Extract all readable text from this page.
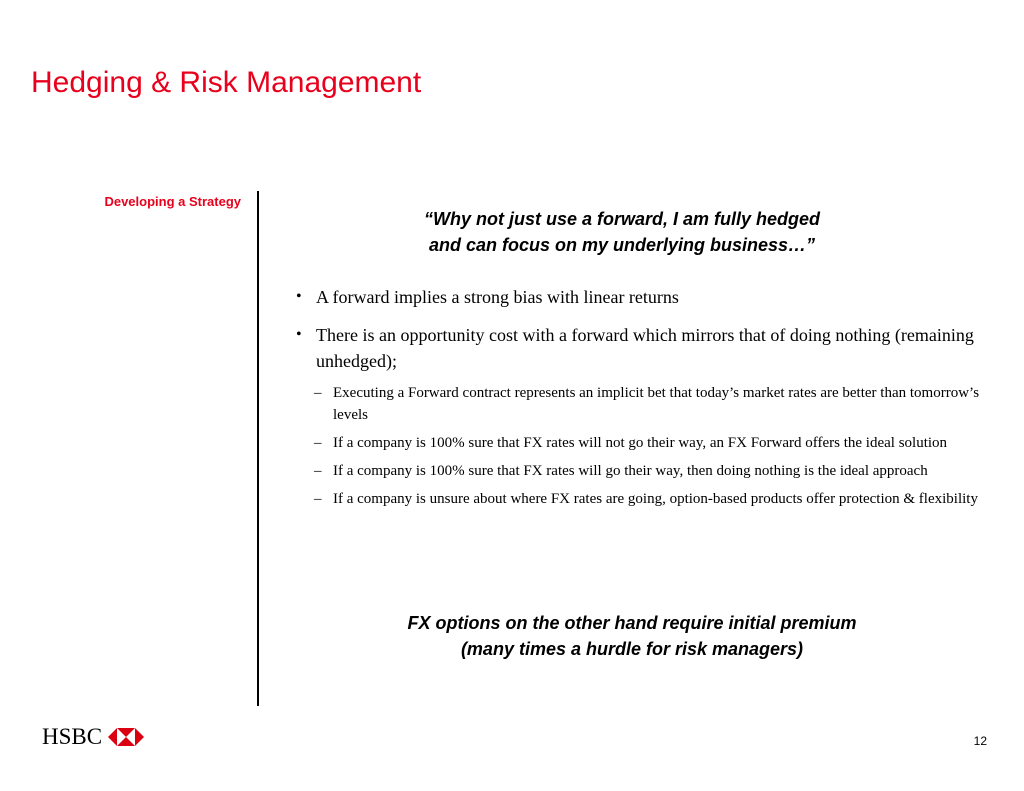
Hedging & Risk Management
Developing a Strategy
“Why not just use a forward, I am fully hedged
and can focus on my underlying business…”
• A forward implies a strong bias with linear returns
• There is an opportunity cost with a forward which mirrors that of doing nothing (remaining unhedged);
– Executing a Forward contract represents an implicit bet that today’s market rates are better than tomorrow’s levels
– If a company is 100% sure that FX rates will not go their way, an FX Forward offers the ideal solution
– If a company is 100% sure that FX rates will go their way, then doing nothing is the ideal approach
– If a company is unsure about where FX rates are going, option-based products offer protection & flexibility
FX options on the other hand require initial premium
(many times a hurdle for risk managers)
HSBC	12
